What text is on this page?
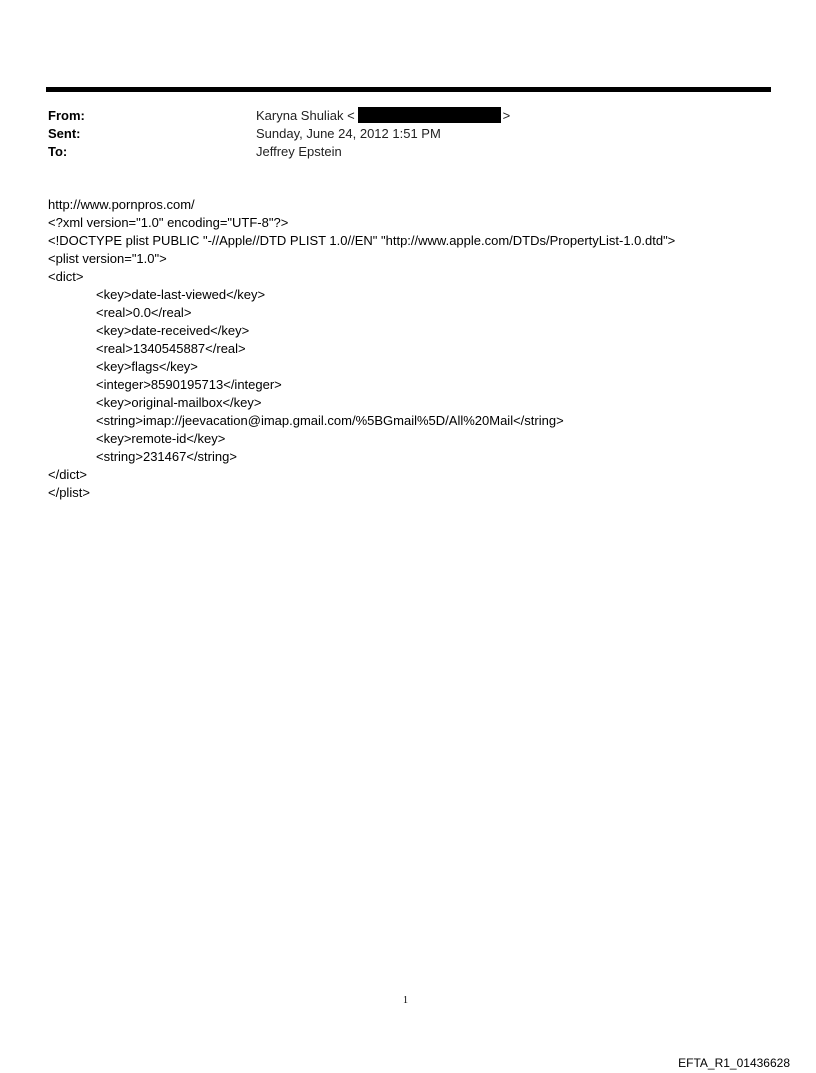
From:	Karyna Shuliak <	>
Sent:	Sunday, June 24, 2012 1:51 PM
To:	Jeffrey Epstein
http://www.pornpros.com/
<?xml version="1.0" encoding="UTF-8"?>
<!DOCTYPE plist PUBLIC "-//Apple//DTD PLIST 1.0//EN" "http://www.apple.com/DTDs/PropertyList-1.0.dtd">
<plist version="1.0">
<dict>
<key>date-last-viewed</key>
<real>0.0</real>
<key>date-received</key>
<real>1340545887</real>
<key>flags</key>
<integer>8590195713</integer>
<key>original-mailbox</key>
<string>imap://jeevacation@imap.gmail.com/%5BGmail%5D/All%20Mail</string>
<key>remote-id</key>
<string>231467</string>
</dict>
</plist>
1
EFTA_R1_01436628
